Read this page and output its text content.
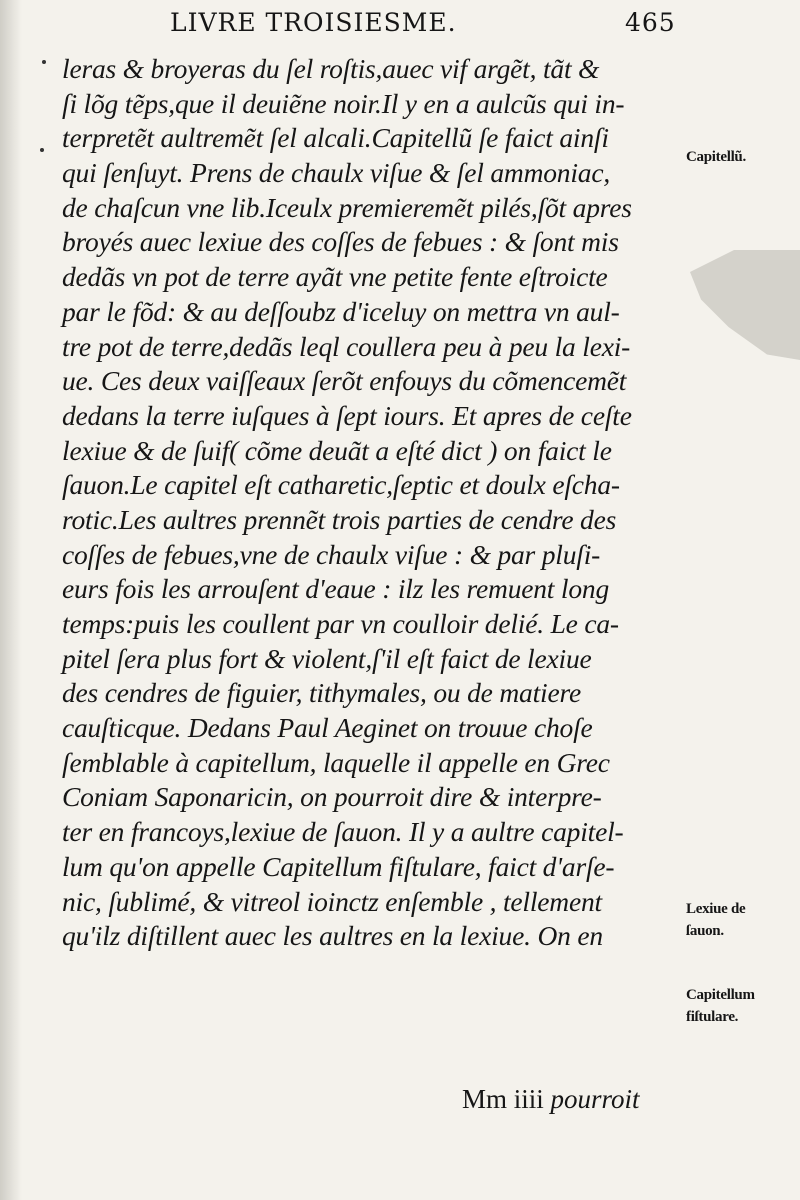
LIVRE TROISIESME.	465
leras & broyeras du ſel roſtis,auec vif argẽt, tãt &
ſi lõg tẽps,que il deuiẽne noir.Il y en a aulcũs qui in-
terpretẽt aultremẽt ſel alcali.Capitellũ ſe faict ainſi
qui ſenſuyt. Prens de chaulx viſue & ſel ammoniac,
de chaſcun vne lib.Iceulx premieremẽt pilés,ſõt apres
broyés auec lexiue des coſſes de febues : & ſont mis
dedãs vn pot de terre ayãt vne petite fente eſtroicte
par le fõd: & au deſſoubz d'iceluy on mettra vn aul-
tre pot de terre,dedãs leql coullera peu à peu la lexi-
ue. Ces deux vaiſſeaux ſerõt enfouys du cõmencemẽt
dedans la terre iuſques à ſept iours. Et apres de ceſte
lexiue & de ſuif( cõme deuãt a eſté dict ) on faict le
ſauon.Le capitel eſt catharetic,ſeptic et doulx eſcha-
rotic.Les aultres prennẽt trois parties de cendre des
coſſes de febues,vne de chaulx viſue : & par pluſi-
eurs fois les arrouſent d'eaue : ilz les remuent long
temps:puis les coullent par vn coulloir delié. Le ca-
pitel ſera plus fort & violent,ſ'il eſt faict de lexiue
des cendres de figuier, tithymales, ou de matiere
cauſticque. Dedans Paul Aeginet on trouue choſe
ſemblable à capitellum, laquelle il appelle en Grec
Coniam Saponaricin, on pourroit dire & interpre-
ter en francoys,lexiue de ſauon. Il y a aultre capitel-
lum qu'on appelle Capitellum fiſtulare, faict d'arſe-
nic, ſublimé, & vitreol ioinctz enſemble , tellement
qu'ilz diſtillent auec les aultres en la lexiue. On en
Capitellũ.
Lexiue de ſauon.
Capitellum fiſtulare.
Mm iiii pourroit
